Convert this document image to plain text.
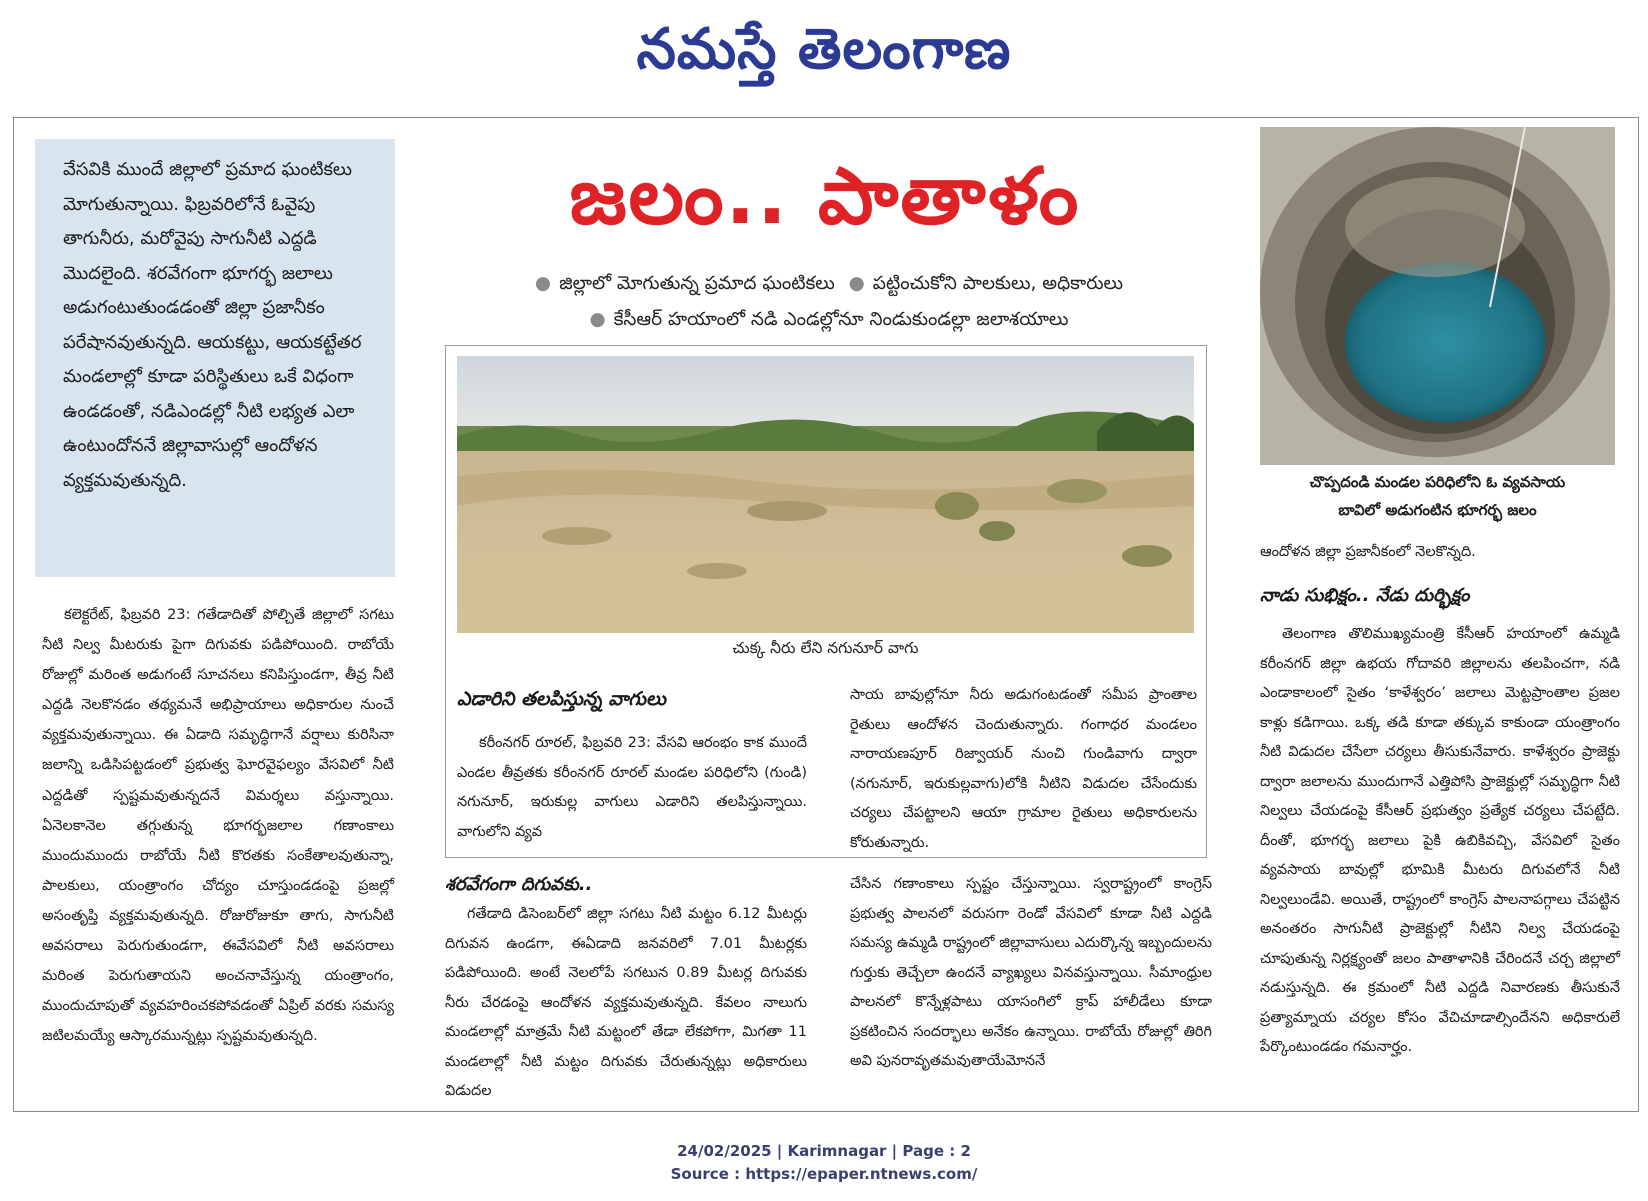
నమస్తే తెలంగాణ
వేసవికి ముందే జిల్లాలో ప్రమాద ఘంటికలు మోగుతున్నాయి. ఫిబ్రవరిలోనే ఓవైపు తాగునీరు, మరోవైపు సాగునీటి ఎద్దడి మొదలైంది. శరవేగంగా భూగర్భ జలాలు అడుగంటుతుండడంతో జిల్లా ప్రజానీకం పరేషానవుతున్నది. ఆయకట్టు, ఆయకట్టేతర మండలాల్లో కూడా పరిస్థితులు ఒకే విధంగా ఉండడంతో, నడిఎండల్లో నీటి లభ్యత ఎలా ఉంటుందోననే జిల్లావాసుల్లో ఆందోళన వ్యక్తమవుతున్నది.
జలం.. పాతాళం
● జిల్లాలో మోగుతున్న ప్రమాద ఘంటికలు ● పట్టించుకోని పాలకులు, అధికారులు
● కేసీఆర్ హయాంలో నడి ఎండల్లోనూ నిండుకుండల్లా జలాశయాలు
చుక్క నీరు లేని నగునూర్ వాగు
ఎడారిని తలపిస్తున్న వాగులు

కరీంనగర్ రూరల్, ఫిబ్రవరి 23: వేసవి ఆరంభం కాక ముందే ఎండల తీవ్రతకు కరీంనగర్ రూరల్ మండల పరిధిలోని (గుండి) నగునూర్, ఇరుకుల్ల వాగులు ఎడారిని తలపిస్తున్నాయి. వాగులోని వ్యవ

సాయ బావుల్లోనూ నీరు అడుగంటడంతో సమీప ప్రాంతాల రైతులు ఆందోళన చెందుతున్నారు. గంగాధర మండలం నారాయణపూర్ రిజ్వాయర్ నుంచి గుండివాగు ద్వారా (నగునూర్, ఇరుకుల్లవాగు)లోకి నీటిని విడుదల చేసేందుకు చర్యలు చేపట్టాలని ఆయా గ్రామాల రైతులు అధికారులను కోరుతున్నారు.

కలెక్టరేట్, ఫిబ్రవరి 23: గతేడాదితో పోల్చితే జిల్లాలో సగటు నీటి నిల్వ మీటరుకు పైగా దిగువకు పడిపోయింది. రాబోయే రోజుల్లో మరింత అడుగంటే సూచనలు కనిపిస్తుండగా, తీవ్ర నీటి ఎద్దడి నెలకొనడం తథ్యమనే అభిప్రాయాలు అధికారుల నుంచే వ్యక్తమవుతున్నాయి. ఈ ఏడాది సమృద్ధిగానే వర్షాలు కురిసినా జలాన్ని ఒడిసిపట్టడంలో ప్రభుత్వ ఘోరవైఫల్యం వేసవిలో నీటి ఎద్దడితో స్పష్టమవుతున్నదనే విమర్శలు వస్తున్నాయి. ఏనెలకానెల తగ్గుతున్న భూగర్భజలాల గణాంకాలు ముందుముందు రాబోయే నీటి కొరతకు సంకేతాలవుతున్నా, పాలకులు, యంత్రాంగం చోద్యం చూస్తుండడంపై ప్రజల్లో అసంతృప్తి వ్యక్తమవుతున్నది. రోజురోజుకూ తాగు, సాగునీటి అవసరాలు పెరుగుతుండగా, ఈవేసవిలో నీటి అవసరాలు మరింత పెరుగుతాయని అంచనావేస్తున్న యంత్రాంగం, ముందుచూపుతో వ్యవహరించకపోవడంతో ఏప్రిల్ వరకు సమస్య జటిలమయ్యే ఆస్కారమున్నట్లు స్పష్టమవుతున్నది.

శరవేగంగా దిగువకు..

గతేడాది డిసెంబర్‌లో జిల్లా సగటు నీటి మట్టం 6.12 మీటర్లు దిగువన ఉండగా, ఈఏడాది జనవరిలో 7.01 మీటర్లకు పడిపోయింది. అంటే నెలలోపే సగటున 0.89 మీటర్ల దిగువకు నీరు చేరడంపై ఆందోళన వ్యక్తమవుతున్నది. కేవలం నాలుగు మండలాల్లో మాత్రమే నీటి మట్టంలో తేడా లేకపోగా, మిగతా 11 మండలాల్లో నీటి మట్టం దిగువకు చేరుతున్నట్లు అధికారులు విడుదల

చేసిన గణాంకాలు స్పష్టం చేస్తున్నాయి. స్వరాష్ట్రంలో కాంగ్రెస్ ప్రభుత్వ పాలనలో వరుసగా రెండో వేసవిలో కూడా నీటి ఎద్దడి సమస్య ఉమ్మడి రాష్ట్రంలో జిల్లావాసులు ఎదుర్కొన్న ఇబ్బందులను గుర్తుకు తెచ్చేలా ఉందనే వ్యాఖ్యలు వినవస్తున్నాయి. సీమాంధ్రుల పాలనలో కొన్నేళ్లపాటు యాసంగిలో క్రాప్ హాలీడేలు కూడా ప్రకటించిన సందర్భాలు అనేకం ఉన్నాయి. రాబోయే రోజుల్లో తిరిగి అవి పునరావృతమవుతాయేమోననే

చొప్పదండి మండల పరిధిలోని ఓ వ్యవసాయ
బావిలో అడుగంటిన భూగర్భ జలం

ఆందోళన జిల్లా ప్రజానీకంలో నెలకొన్నది.

నాడు సుభిక్షం.. నేడు దుర్భిక్షం

తెలంగాణ తొలిముఖ్యమంత్రి కేసీఆర్ హయాంలో ఉమ్మడి కరీంనగర్ జిల్లా ఉభయ గోదావరి జిల్లాలను తలపించగా, నడి ఎండాకాలంలో సైతం ‘కాళేశ్వరం’ జలాలు మెట్టప్రాంతాల ప్రజల కాళ్లు కడిగాయి. ఒక్క తడి కూడా తక్కువ కాకుండా యంత్రాంగం నీటి విడుదల చేసేలా చర్యలు తీసుకునేవారు. కాళేశ్వరం ప్రాజెక్టు ద్వారా జలాలను ముందుగానే ఎత్తిపోసి ప్రాజెక్టుల్లో సమృద్ధిగా నీటి నిల్వలు చేయడంపై కేసీఆర్ ప్రభుత్వం ప్రత్యేక చర్యలు చేపట్టేది. దీంతో, భూగర్భ జలాలు పైకి ఉబికివచ్చి, వేసవిలో సైతం వ్యవసాయ బావుల్లో భూమికి మీటరు దిగువలోనే నీటి నిల్వలుండేవి. అయితే, రాష్ట్రంలో కాంగ్రెస్ పాలనాపగ్గాలు చేపట్టిన అనంతరం సాగునీటి ప్రాజెక్టుల్లో నీటిని నిల్వ చేయడంపై చూపుతున్న నిర్లక్ష్యంతో జలం పాతాళానికి చేరిందనే చర్చ జిల్లాలో నడుస్తున్నది. ఈ క్రమంలో నీటి ఎద్దడి నివారణకు తీసుకునే ప్రత్యామ్నాయ చర్యల కోసం వేచిచూడాల్సిందేనని అధికారులే పేర్కొంటుండడం గమనార్హం.

24/02/2025 | Karimnagar | Page : 2
Source : https://epaper.ntnews.com/
